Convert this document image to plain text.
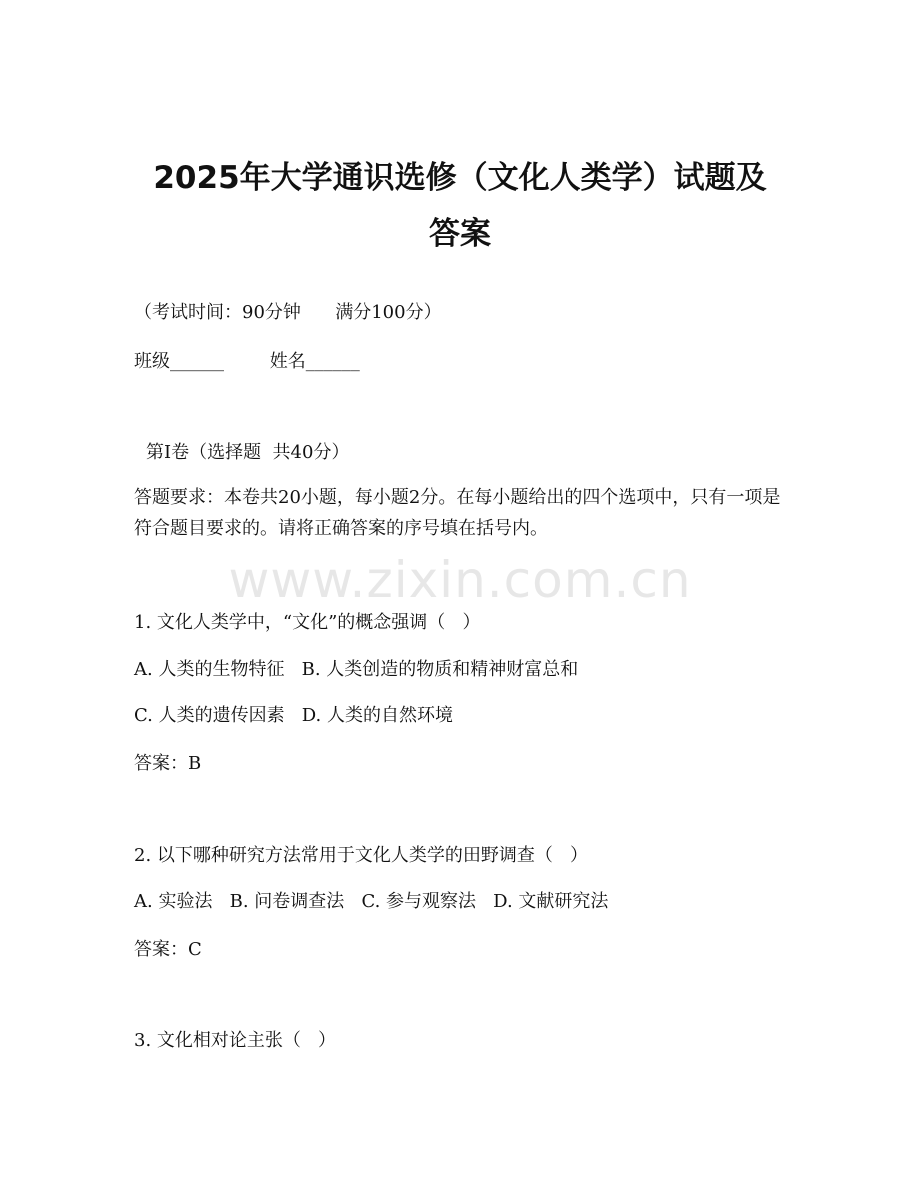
2025年大学通识选修（文化人类学）试题及
答案
（考试时间：90分钟      满分100分）
班级______        姓名______
第I卷（选择题  共40分）
答题要求：本卷共20小题，每小题2分。在每小题给出的四个选项中，只有一项是符合题目要求的。请将正确答案的序号填在括号内。
www.zixin.com.cn
1. 文化人类学中，“文化”的概念强调（   ）
A. 人类的生物特征   B. 人类创造的物质和精神财富总和
C. 人类的遗传因素   D. 人类的自然环境
答案：B
2. 以下哪种研究方法常用于文化人类学的田野调查（   ）
A. 实验法   B. 问卷调查法   C. 参与观察法   D. 文献研究法
答案：C
3. 文化相对论主张（   ）
